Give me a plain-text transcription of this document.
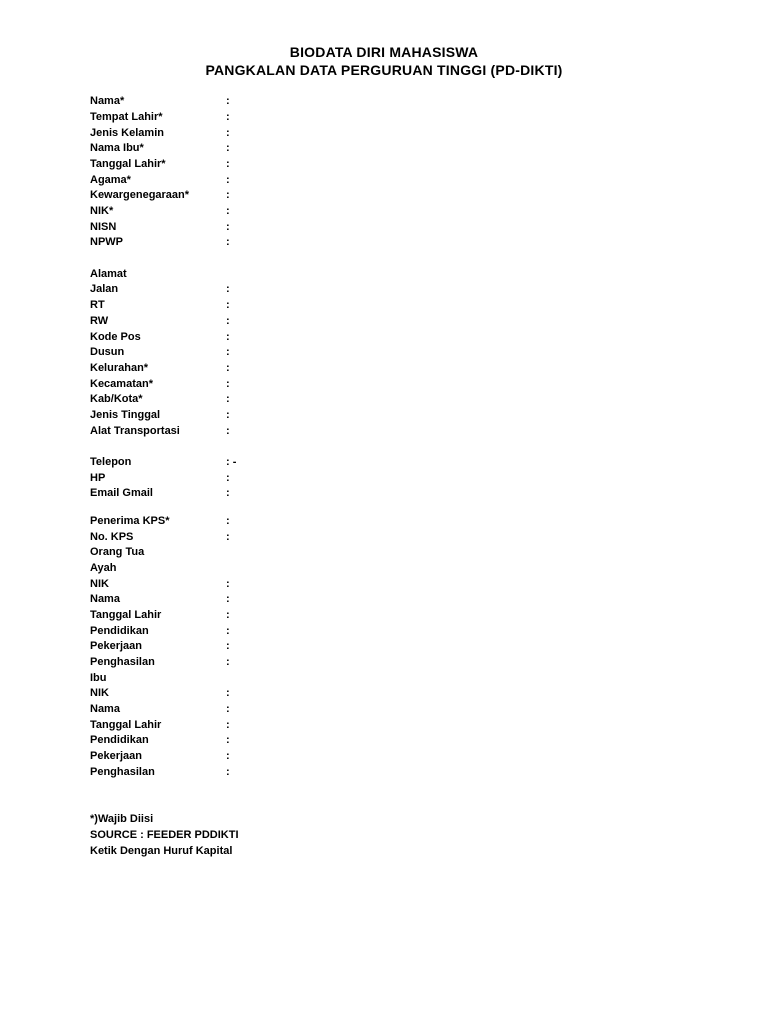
BIODATA DIRI MAHASISWA
PANGKALAN DATA PERGURUAN TINGGI (PD-DIKTI)
Nama*	:
Tempat Lahir*	:
Jenis Kelamin	:
Nama Ibu*	:
Tanggal Lahir*	:
Agama*	:
Kewargenegaraan*	:
NIK*	:
NISN	:
NPWP	:
Alamat
Jalan	:
RT	:
RW	:
Kode Pos	:
Dusun	:
Kelurahan*	:
Kecamatan*	:
Kab/Kota*	:
Jenis Tinggal	:
Alat Transportasi	:
Telepon	: -
HP	:
Email Gmail	:
Penerima KPS*	:
No. KPS	:
Orang Tua
Ayah
NIK	:
Nama	:
Tanggal Lahir	:
Pendidikan	:
Pekerjaan	:
Penghasilan	:
Ibu
NIK	:
Nama	:
Tanggal Lahir	:
Pendidikan	:
Pekerjaan	:
Penghasilan	:
*)Wajib Diisi
SOURCE : FEEDER PDDIKTI
Ketik Dengan Huruf Kapital
